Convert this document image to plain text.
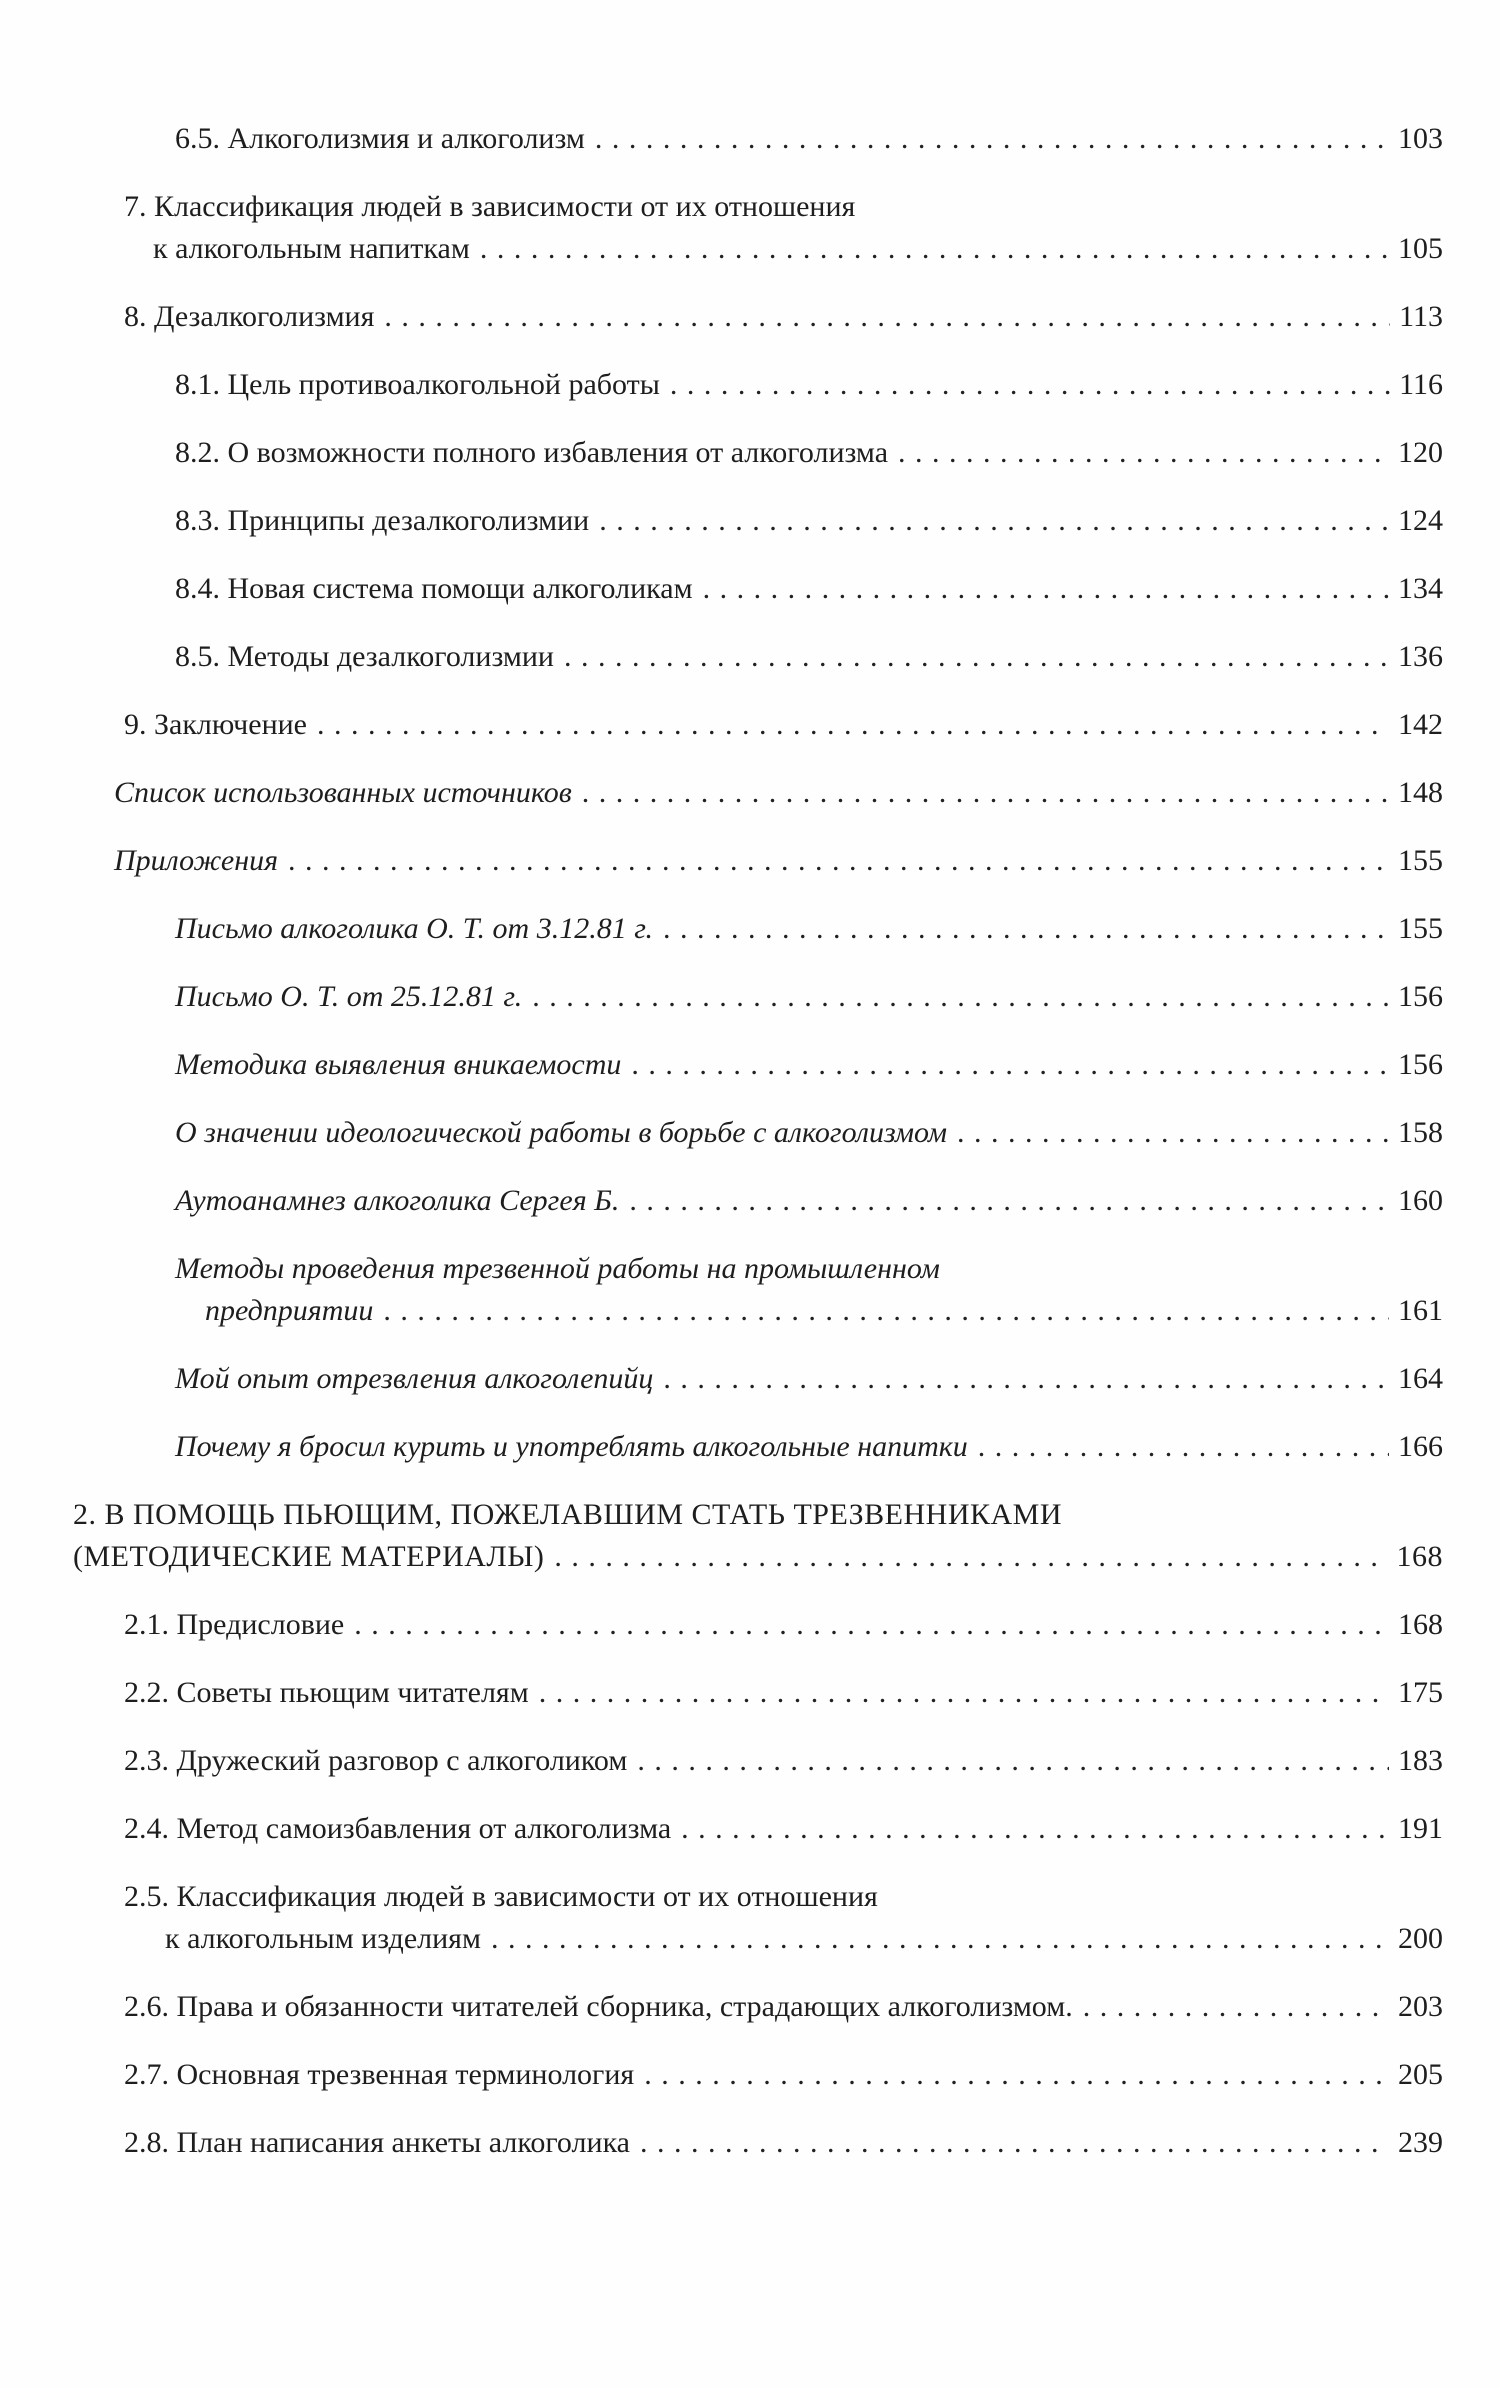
6.5. Алкоголизмия и алкоголизм . . .	103
7. Классификация людей в зависимости от их отношения
к алкогольным напиткам . . .	105
8. Дезалкоголизмия . . .	113
8.1. Цель противоалкогольной работы . . .	116
8.2. О возможности полного избавления от алкоголизма . . .	120
8.3. Принципы дезалкоголизмии . . .	124
8.4. Новая система помощи алкоголикам . . .	134
8.5. Методы дезалкоголизмии . . .	136
9. Заключение . . .	142
Список использованных источников . . .	148
Приложения . . .	155
Письмо алкоголика О. Т. от 3.12.81 г. . . .	155
Письмо О. Т. от 25.12.81 г. . . .	156
Методика выявления вникаемости . . .	156
О значении идеологической работы в борьбе с алкоголизмом . . .	158
Аутоанамнез алкоголика Сергея Б. . . .	160
Методы проведения трезвенной работы на промышленном
предприятии . . .	161
Мой опыт отрезвления алкоголепийц . . .	164
Почему я бросил курить и употреблять алкогольные напитки . . .	166
2. В ПОМОЩЬ ПЬЮЩИМ, ПОЖЕЛАВШИМ СТАТЬ ТРЕЗВЕННИКАМИ
(МЕТОДИЧЕСКИЕ МАТЕРИАЛЫ) . . .	168
2.1. Предисловие . . .	168
2.2. Советы пьющим читателям . . .	175
2.3. Дружеский разговор с алкоголиком . . .	183
2.4. Метод самоизбавления от алкоголизма . . .	191
2.5. Классификация людей в зависимости от их отношения
к алкогольным изделиям . . .	200
2.6. Права и обязанности читателей сборника, страдающих алкоголизмом. . . .	203
2.7. Основная трезвенная терминология . . .	205
2.8. План написания анкеты алкоголика . . .	239
